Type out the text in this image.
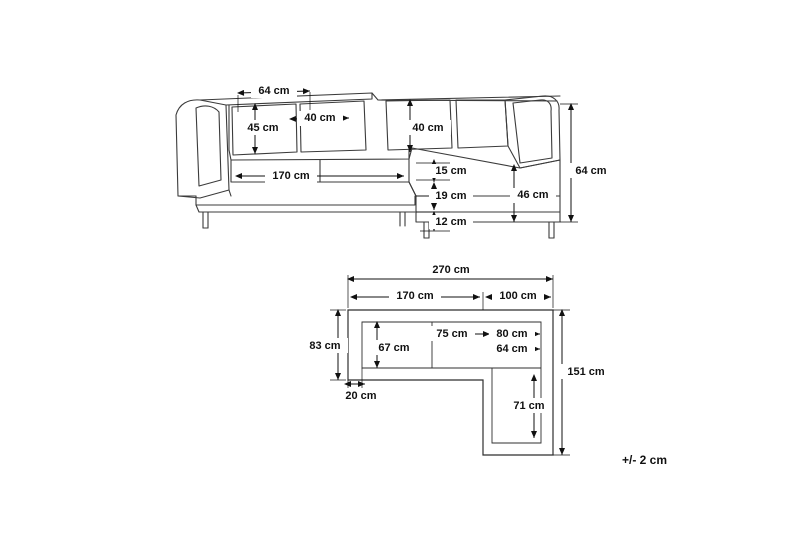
64 cm
40 cm
45 cm	40 cm
170 cm	15 cm
19 cm
12 cm
46 cm
64 cm
270 cm
170 cm	100 cm
83 cm	67 cm
75 cm	80 cm
64 cm
20 cm
71 cm
151 cm
+/- 2 cm
